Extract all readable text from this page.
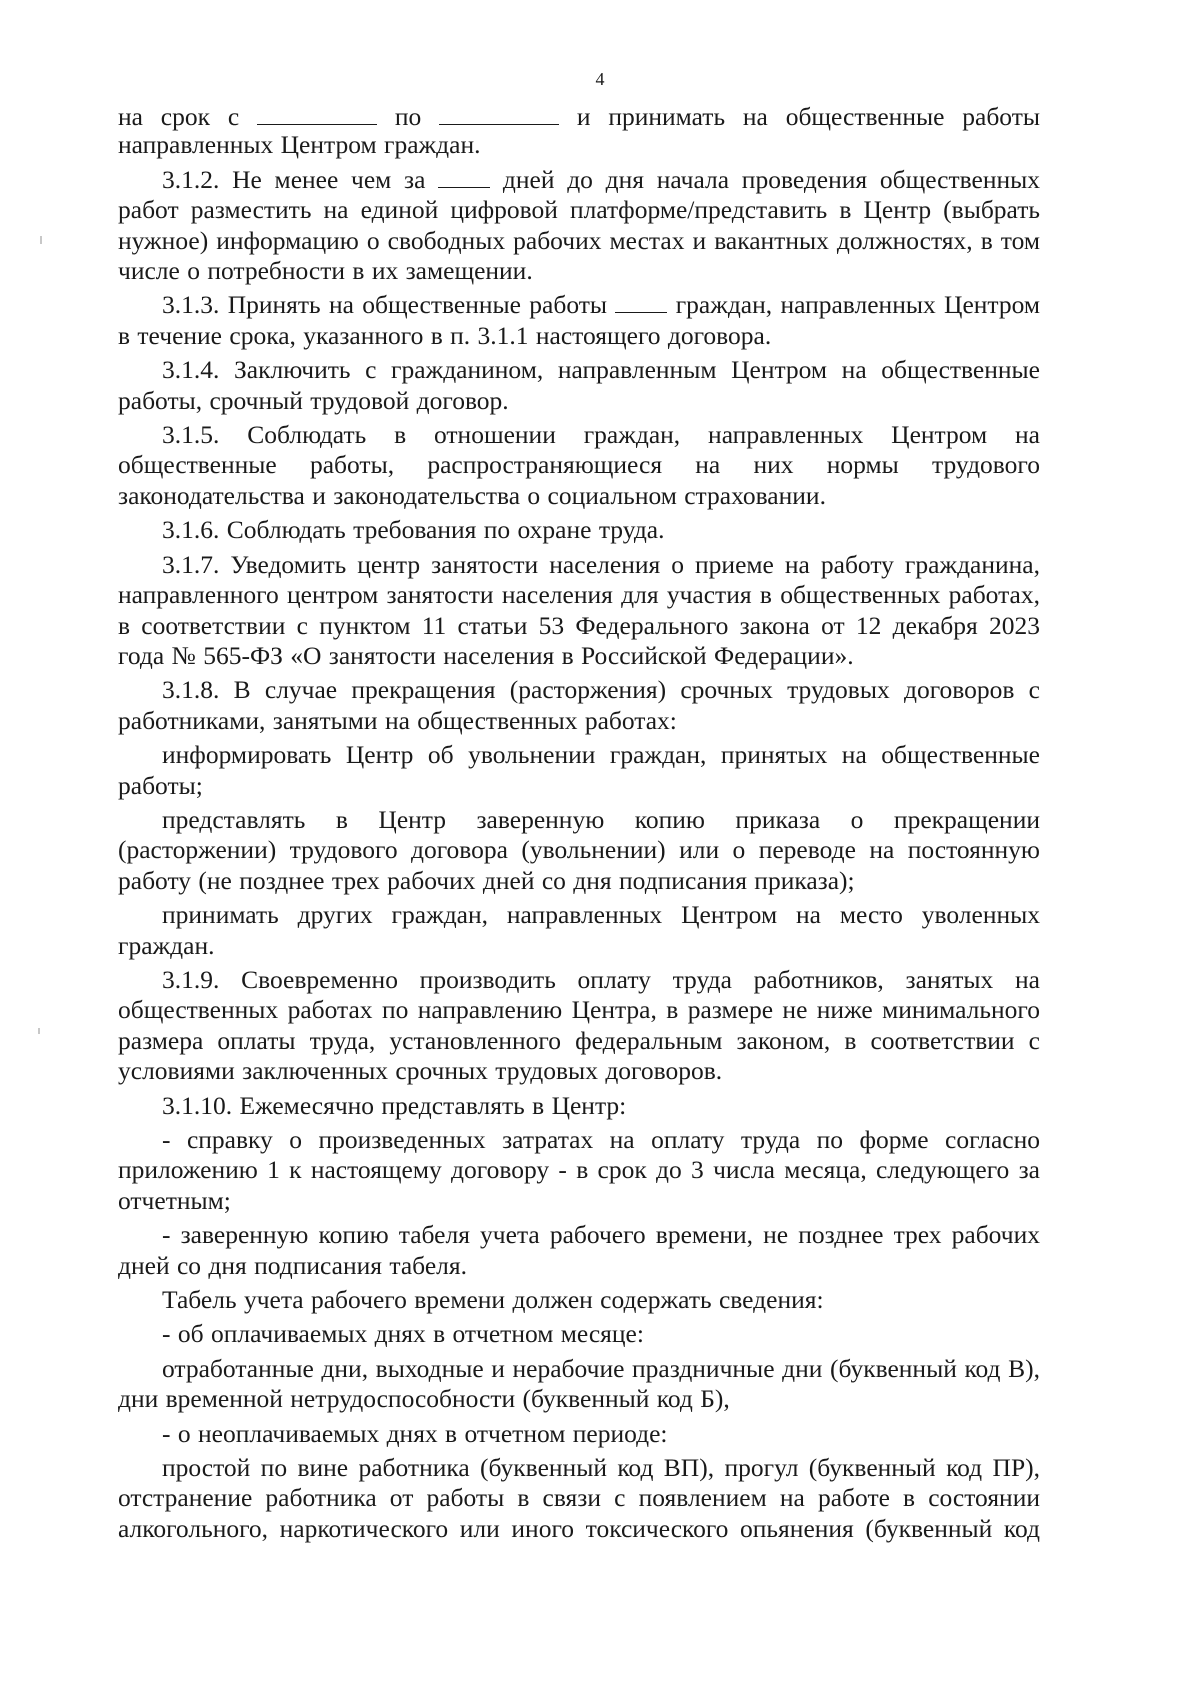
4

на срок с	по	и принимать на общественные работы

направленных Центром граждан.

3.1.2. Не менее чем за	дней до дня начала проведения общественных работ разместить на единой цифровой платформе/представить в Центр (выбрать нужное) информацию о свободных рабочих местах и вакантных должностях, в том числе о потребности в их замещении.

3.1.3. Принять на общественные работы	граждан, направленных Центром в течение срока, указанного в п. 3.1.1 настоящего договора.

3.1.4. Заключить с гражданином, направленным Центром на общественные работы, срочный трудовой договор.

3.1.5. Соблюдать в отношении граждан, направленных Центром на общественные работы, распространяющиеся на них нормы трудового законодательства и законодательства о социальном страховании.

3.1.6. Соблюдать требования по охране труда.

3.1.7. Уведомить центр занятости населения о приеме на работу гражданина, направленного центром занятости населения для участия в общественных работах, в соответствии с пунктом 11 статьи 53 Федерального закона от 12 декабря 2023 года № 565-ФЗ «О занятости населения в Российской Федерации».

3.1.8. В случае прекращения (расторжения) срочных трудовых договоров с работниками, занятыми на общественных работах:

информировать Центр об увольнении граждан, принятых на общественные работы;

представлять в Центр заверенную копию приказа о прекращении (расторжении) трудового договора (увольнении) или о переводе на постоянную работу (не позднее трех рабочих дней со дня подписания приказа);

принимать других граждан, направленных Центром на место уволенных граждан.

3.1.9. Своевременно производить оплату труда работников, занятых на общественных работах по направлению Центра, в размере не ниже минимального размера оплаты труда, установленного федеральным законом, в соответствии с условиями заключенных срочных трудовых договоров.

3.1.10. Ежемесячно представлять в Центр:

- справку о произведенных затратах на оплату труда по форме согласно приложению 1 к настоящему договору - в срок до 3 числа месяца, следующего за отчетным;

- заверенную копию табеля учета рабочего времени, не позднее трех рабочих дней со дня подписания табеля.

Табель учета рабочего времени должен содержать сведения:

- об оплачиваемых днях в отчетном месяце:

отработанные дни, выходные и нерабочие праздничные дни (буквенный код В), дни временной нетрудоспособности (буквенный код Б),

- о неоплачиваемых днях в отчетном периоде:

простой по вине работника (буквенный код ВП), прогул (буквенный код ПР), отстранение работника от работы в связи с появлением на работе в состоянии алкогольного, наркотического или иного токсического опьянения (буквенный код
